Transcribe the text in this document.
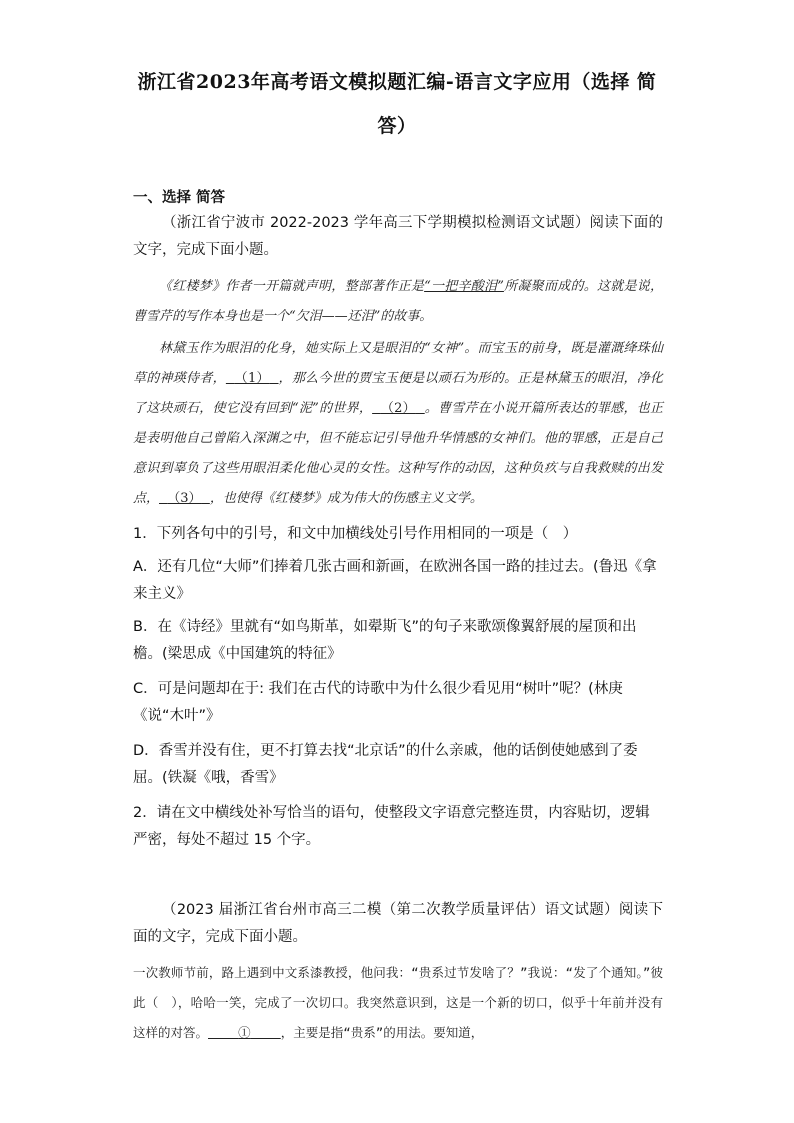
浙江省2023年高考语文模拟题汇编-语言文字应用（选择 简
答）
一、选择 简答
（浙江省宁波市 2022-2023 学年高三下学期模拟检测语文试题）阅读下面的文字，完成下面小题。
《红楼梦》作者一开篇就声明，整部著作正是“一把辛酸泪”所凝聚而成的。这就是说，曹雪芹的写作本身也是一个“欠泪——还泪”的故事。
林黛玉作为眼泪的化身，她实际上又是眼泪的“女神”。而宝玉的前身，既是灌溉绛珠仙草的神瑛侍者， （1） ，那么今世的贾宝玉便是以顽石为形的。正是林黛玉的眼泪，净化了这块顽石，使它没有回到“泥”的世界， （2） 。曹雪芹在小说开篇所表达的罪感，也正是表明他自己曾陷入深渊之中，但不能忘记引导他升华情感的女神们。他的罪感，正是自己意识到辜负了这些用眼泪柔化他心灵的女性。这种写作的动因，这种负疚与自我救赎的出发点， （3） ，也使得《红楼梦》成为伟大的伤感主义文学。
1．下列各句中的引号，和文中加横线处引号作用相同的一项是（　）
A．还有几位“大师”们捧着几张古画和新画，在欧洲各国一路的挂过去。(鲁迅《拿来主义》
B．在《诗经》里就有“如鸟斯革，如翚斯飞”的句子来歌颂像翼舒展的屋顶和出檐。(梁思成《中国建筑的特征》
C．可是问题却在于: 我们在古代的诗歌中为什么很少看见用“树叶”呢？(林庚《说“木叶”》
D．香雪并没有住，更不打算去找“北京话”的什么亲戚，他的话倒使她感到了委屈。(铁凝《哦，香雪》
2．请在文中横线处补写恰当的语句，使整段文字语意完整连贯，内容贴切，逻辑严密，每处不超过 15 个字。
（2023 届浙江省台州市高三二模（第二次教学质量评估）语文试题）阅读下面的文字，完成下面小题。
一次教师节前，路上遇到中文系漆教授，他问我：“贵系过节发啥了？”我说：“发了个通知。”彼此（　），哈哈一笑，完成了一次切口。我突然意识到，这是一个新的切口，似乎十年前并没有这样的对答。 ① ，主要是指“贵系”的用法。要知道，
